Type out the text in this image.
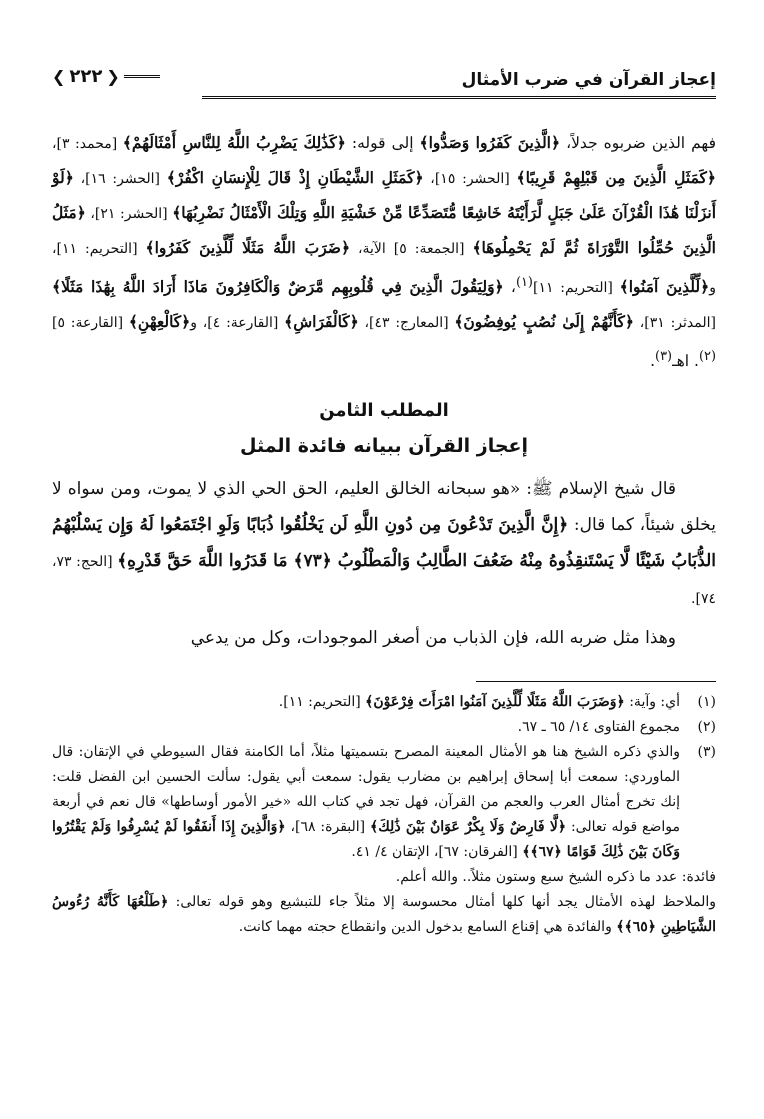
إعجاز القرآن في ضرب الأمثال
❮
٢٢٢
❯
فهم الذين ضربوه جدلاً، ﴿الَّذِينَ كَفَرُوا وَصَدُّوا﴾ إلى قوله: ﴿كَذَٰلِكَ يَضْرِبُ اللَّهُ لِلنَّاسِ أَمْثَالَهُمْ﴾ [محمد: ٣]، ﴿كَمَثَلِ الَّذِينَ مِن قَبْلِهِمْ قَرِيبًا﴾ [الحشر: ١٥]، ﴿كَمَثَلِ الشَّيْطَانِ إِذْ قَالَ لِلْإِنسَانِ اكْفُرْ﴾ [الحشر: ١٦]، ﴿لَوْ أَنزَلْنَا هَٰذَا الْقُرْآنَ عَلَىٰ جَبَلٍ لَّرَأَيْتَهُ خَاشِعًا مُّتَصَدِّعًا مِّنْ خَشْيَةِ اللَّهِ وَتِلْكَ الْأَمْثَالُ نَضْرِبُهَا﴾ [الحشر: ٢١]، ﴿مَثَلُ الَّذِينَ حُمِّلُوا التَّوْرَاةَ ثُمَّ لَمْ يَحْمِلُوهَا﴾ [الجمعة: ٥] الآية، ﴿ضَرَبَ اللَّهُ مَثَلًا لِّلَّذِينَ كَفَرُوا﴾ [التحريم: ١١]، و﴿لِّلَّذِينَ آمَنُوا﴾ [التحريم: ١١]$^{(١)}$، ﴿وَلِيَقُولَ الَّذِينَ فِي قُلُوبِهِم مَّرَضٌ وَالْكَافِرُونَ مَاذَا أَرَادَ اللَّهُ بِهَٰذَا مَثَلًا﴾ [المدثر: ٣١]، ﴿كَأَنَّهُمْ إِلَىٰ نُصُبٍ يُوفِضُونَ﴾ [المعارج: ٤٣]، ﴿كَالْفَرَاشِ﴾ [القارعة: ٤]، و﴿كَالْعِهْنِ﴾ [القارعة: ٥]$^{(٢)}$. اهـ$^{(٣)}$.
المطلب الثامن
إعجاز القرآن ببيانه فائدة المثل
قال شيخ الإسلام ﷺ: «هو سبحانه الخالق العليم، الحق الحي الذي لا يموت، ومن سواه لا يخلق شيئاً، كما قال: ﴿إِنَّ الَّذِينَ تَدْعُونَ مِن دُونِ اللَّهِ لَن يَخْلُقُوا ذُبَابًا وَلَوِ اجْتَمَعُوا لَهُ وَإِن يَسْلُبْهُمُ الذُّبَابُ شَيْئًا لَّا يَسْتَنقِذُوهُ مِنْهُ ضَعُفَ الطَّالِبُ وَالْمَطْلُوبُ ﴿٧٣﴾ مَا قَدَرُوا اللَّهَ حَقَّ قَدْرِهِ﴾ [الحج: ٧٣، ٧٤].
وهذا مثل ضربه الله، فإن الذباب من أصغر الموجودات، وكل من يدعي
(١)
أي: وآية: ﴿وَضَرَبَ اللَّهُ مَثَلًا لِّلَّذِينَ آمَنُوا امْرَأَتَ فِرْعَوْنَ﴾ [التحريم: ١١].
(٢)
مجموع الفتاوى ١٤/ ٦٥ ـ ٦٧.
(٣)
والذي ذكره الشيخ هنا هو الأمثال المعينة المصرح بتسميتها مثلاً، أما الكامنة فقال السيوطي في الإتقان: قال الماوردي: سمعت أبا إسحاق إبراهيم بن مضارب يقول: سمعت أبي يقول: سألت الحسين ابن الفضل قلت: إنك تخرج أمثال العرب والعجم من القرآن، فهل تجد في كتاب الله «خير الأمور أوساطها» قال نعم في أربعة مواضع قوله تعالى: ﴿لَّا فَارِضٌ وَلَا بِكْرٌ عَوَانٌ بَيْنَ ذَٰلِكَ﴾ [البقرة: ٦٨]، ﴿وَالَّذِينَ إِذَا أَنفَقُوا لَمْ يُسْرِفُوا وَلَمْ يَقْتُرُوا وَكَانَ بَيْنَ ذَٰلِكَ قَوَامًا ﴿٦٧﴾﴾ [الفرقان: ٦٧]، الإتقان ٤/ ٤١.
فائدة: عدد ما ذكره الشيخ سبع وستون مثلاً.. والله أعلم.
والملاحظ لهذه الأمثال يجد أنها كلها أمثال محسوسة إلا مثلاً جاء للتبشيع وهو قوله تعالى: ﴿طَلْعُهَا كَأَنَّهُ رُءُوسُ الشَّيَاطِينِ ﴿٦٥﴾﴾ والفائدة هي إقناع السامع بدخول الدين وانقطاع حجته مهما كانت.
